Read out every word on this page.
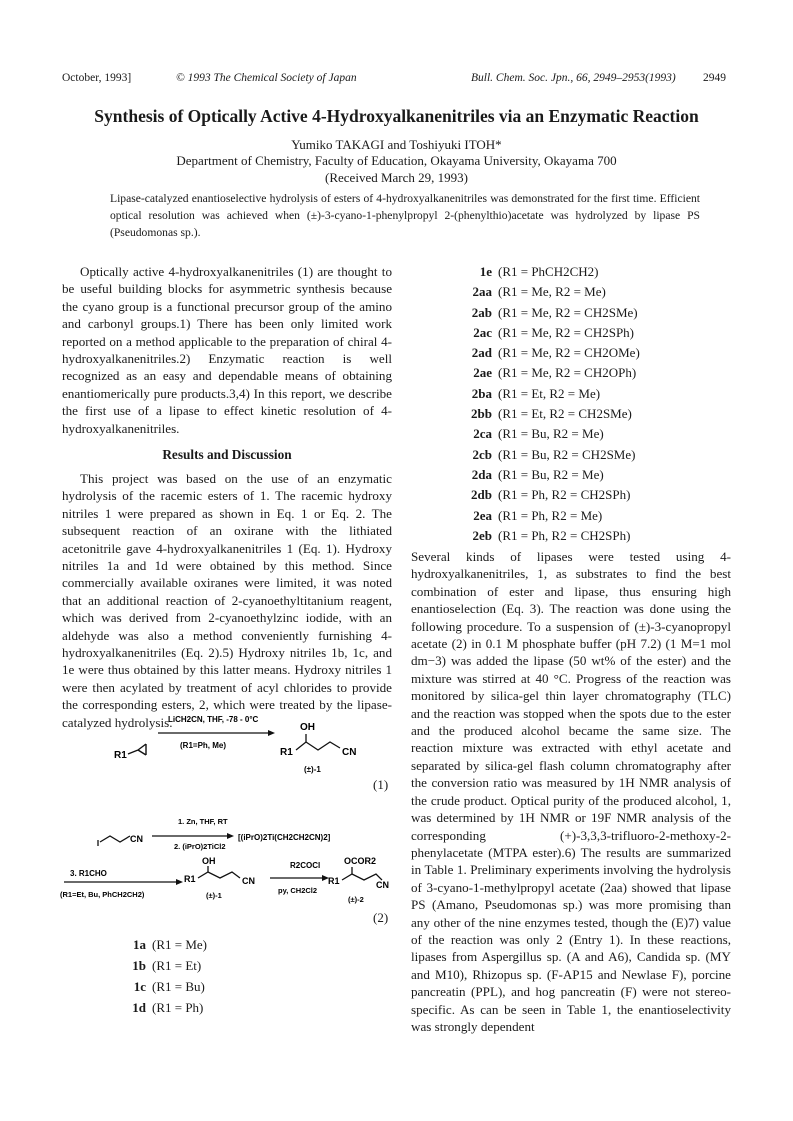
October, 1993]	© 1993 The Chemical Society of Japan	Bull. Chem. Soc. Jpn., 66, 2949–2953(1993) 2949
Synthesis of Optically Active 4-Hydroxyalkanenitriles via an Enzymatic Reaction
Yumiko TAKAGI and Toshiyuki ITOH*
Department of Chemistry, Faculty of Education, Okayama University, Okayama 700
(Received March 29, 1993)
Lipase-catalyzed enantioselective hydrolysis of esters of 4-hydroxyalkanenitriles was demonstrated for the first time. Efficient optical resolution was achieved when (±)-3-cyano-1-phenylpropyl 2-(phenylthio)acetate was hydrolyzed by lipase PS (Pseudomonas sp.).

Optically active 4-hydroxyalkanenitriles (1) are thought to be useful building blocks for asymmetric synthesis because the cyano group is a functional precursor group of the amino and carbonyl groups.1) There has been only limited work reported on a method applicable to the preparation of chiral 4-hydroxyalkanenitriles.2) Enzymatic reaction is well recognized as an easy and dependable means of obtaining enantiomerically pure products.3,4) In this report, we describe the first use of a lipase to effect kinetic resolution of 4-hydroxyalkanenitriles.

Results and Discussion

This project was based on the use of an enzymatic hydrolysis of the racemic esters of 1. The racemic hydroxy nitriles 1 were prepared as shown in Eq. 1 or Eq. 2. The subsequent reaction of an oxirane with the lithiated acetonitrile gave 4-hydroxyalkanenitriles 1 (Eq. 1). Hydroxy nitriles 1a and 1d were obtained by this method. Since commercially available oxiranes were limited, it was noted that an additional reaction of 2-cyanoethyltitanium reagent, which was derived from 2-cyanoethylzinc iodide, with an aldehyde was also a method conveniently furnishing 4-hydroxyalkanenitriles (Eq. 2).5) Hydroxy nitriles 1b, 1c, and 1e were thus obtained by this latter means. Hydroxy nitriles 1 were then acylated by treatment of acyl chlorides to provide the corresponding esters, 2, which were treated by the lipase-catalyzed hydrolysis.

R1
LiCH2CN, THF, -78 - 0°C
(R1=Ph, Me)
R1
OH
CN
(±)-1
(1)
CN
1. Zn, THF, RT
2. (iPrO)2TiCl2
[(iPrO)2Ti(CH2CH2CN)2]
3. R1CHO
(R1=Et, Bu, PhCH2CH2)
R1
OH
CN
(±)-1
R2COCl
py, CH2Cl2
R1
OCOR2
CN
(±)-2
(2)
1a (R1 = Me)
1b (R1 = Et)
1c (R1 = Bu)
1d (R1 = Ph)
1e (R1 = PhCH2CH2)
2aa (R1 = Me, R2 = Me)
2ab (R1 = Me, R2 = CH2SMe)
2ac (R1 = Me, R2 = CH2SPh)
2ad (R1 = Me, R2 = CH2OMe)
2ae (R1 = Me, R2 = CH2OPh)
2ba (R1 = Et, R2 = Me)
2bb (R1 = Et, R2 = CH2SMe)
2ca (R1 = Bu, R2 = Me)
2cb (R1 = Bu, R2 = CH2SMe)
2da (R1 = Bu, R2 = Me)
2db (R1 = Ph, R2 = CH2SPh)
2ea (R1 = Ph, R2 = Me)
2eb (R1 = Ph, R2 = CH2SPh)

Several kinds of lipases were tested using 4-hydroxyalkanenitriles, 1, as substrates to find the best combination of ester and lipase, thus ensuring high enantioselection (Eq. 3). The reaction was done using the following procedure. To a suspension of (±)-3-cyanopropyl acetate (2) in 0.1 M phosphate buffer (pH 7.2) (1 M=1 mol dm−3) was added the lipase (50 wt% of the ester) and the mixture was stirred at 40 °C. Progress of the reaction was monitored by silica-gel thin layer chromatography (TLC) and the reaction was stopped when the spots due to the ester and the produced alcohol became the same size. The reaction mixture was extracted with ethyl acetate and separated by silica-gel flash column chromatography after the conversion ratio was measured by 1H NMR analysis of the crude product. Optical purity of the produced alcohol, 1, was determined by 1H NMR or 19F NMR analysis of the corresponding (+)-3,3,3-trifluoro-2-methoxy-2-phenylacetate (MTPA ester).6) The results are summarized in Table 1. Preliminary experiments involving the hydrolysis of 3-cyano-1-methylpropyl acetate (2aa) showed that lipase PS (Amano, Pseudomonas sp.) was more promising than any other of the nine enzymes tested, though the (E)7) value of the reaction was only 2 (Entry 1). In these reactions, lipases from Aspergillus sp. (A and A6), Candida sp. (MY and M10), Rhizopus sp. (F-AP15 and Newlase F), porcine pancreatin (PPL), and hog pancreatin (F) were not stereo-specific. As can be seen in Table 1, the enantioselectivity was strongly dependent
